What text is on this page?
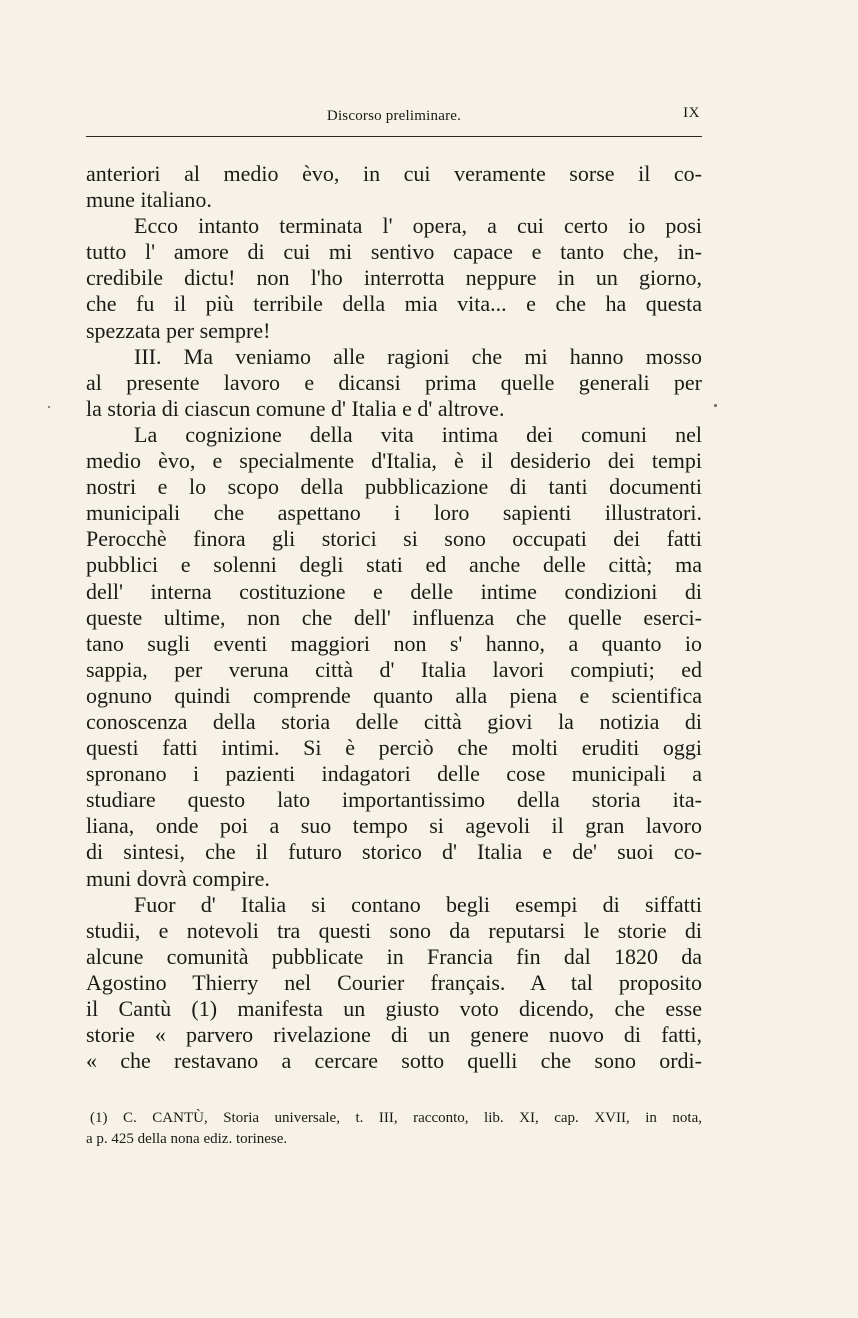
Discorso preliminare.	IX
anteriori al medio èvo, in cui veramente sorse il co-
mune italiano.
Ecco intanto terminata l' opera, a cui certo io posi
tutto l' amore di cui mi sentivo capace e tanto che, in-
credibile dictu! non l'ho interrotta neppure in un giorno,
che fu il più terribile della mia vita... e che ha questa
spezzata per sempre!
III. Ma veniamo alle ragioni che mi hanno mosso
al presente lavoro e dicansi prima quelle generali per
la storia di ciascun comune d' Italia e d' altrove.
La cognizione della vita intima dei comuni nel
medio èvo, e specialmente d'Italia, è il desiderio dei tempi
nostri e lo scopo della pubblicazione di tanti documenti
municipali che aspettano i loro sapienti illustratori.
Perocchè finora gli storici si sono occupati dei fatti
pubblici e solenni degli stati ed anche delle città; ma
dell' interna costituzione e delle intime condizioni di
queste ultime, non che dell' influenza che quelle eserci-
tano sugli eventi maggiori non s' hanno, a quanto io
sappia, per veruna città d' Italia lavori compiuti; ed
ognuno quindi comprende quanto alla piena e scientifica
conoscenza della storia delle città giovi la notizia di
questi fatti intimi. Si è perciò che molti eruditi oggi
spronano i pazienti indagatori delle cose municipali a
studiare questo lato importantissimo della storia ita-
liana, onde poi a suo tempo si agevoli il gran lavoro
di sintesi, che il futuro storico d' Italia e de' suoi co-
muni dovrà compire.
Fuor d' Italia si contano begli esempi di siffatti
studii, e notevoli tra questi sono da reputarsi le storie di
alcune comunità pubblicate in Francia fin dal 1820 da
Agostino Thierry nel Courier français. A tal proposito
il Cantù (1) manifesta un giusto voto dicendo, che esse
storie « parvero rivelazione di un genere nuovo di fatti,
« che restavano a cercare sotto quelli che sono ordi-
(1) C. CANTÙ, Storia universale, t. III, racconto, lib. XI, cap. XVII, in nota,
a p. 425 della nona ediz. torinese.
